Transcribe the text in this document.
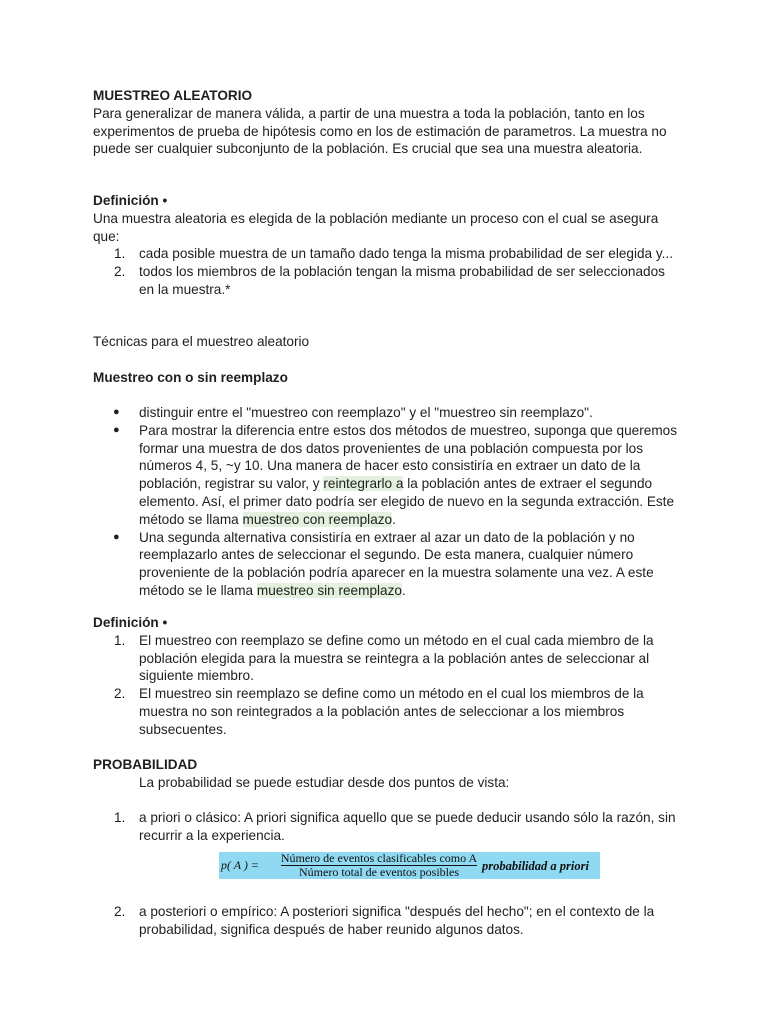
MUESTREO ALEATORIO

Para generalizar de manera válida, a partir de una muestra a toda la población, tanto en los experimentos de prueba de hipótesis como en los de estimación de parametros. La muestra no puede ser cualquier subconjunto de la población. Es crucial que sea una muestra aleatoria.

Definición •

Una muestra aleatoria es elegida de la población mediante un proceso con el cual se asegura que:

1. cada posible muestra de un tamaño dado tenga la misma probabilidad de ser elegida y...
2. todos los miembros de la población tengan la misma probabilidad de ser seleccionados en la muestra.*

Técnicas para el muestreo aleatorio

Muestreo con o sin reemplazo

● distinguir entre el "muestreo con reemplazo" y el "muestreo sin reemplazo".
● Para mostrar la diferencia entre estos dos métodos de muestreo, suponga que queremos formar una muestra de dos datos provenientes de una población compuesta por los números 4, 5, ~y 10. Una manera de hacer esto consistiría en extraer un dato de la población, registrar su valor, y reintegrarlo a la población antes de extraer el segundo elemento. Así, el primer dato podría ser elegido de nuevo en la segunda extracción. Este método se llama muestreo con reemplazo.
● Una segunda alternativa consistiría en extraer al azar un dato de la población y no reemplazarlo antes de seleccionar el segundo. De esta manera, cualquier número proveniente de la población podría aparecer en la muestra solamente una vez. A este método se le llama muestreo sin reemplazo.

Definición •

1. El muestreo con reemplazo se define como un método en el cual cada miembro de la población elegida para la muestra se reintegra a la población antes de seleccionar al siguiente miembro.
2. El muestreo sin reemplazo se define como un método en el cual los miembros de la muestra no son reintegrados a la población antes de seleccionar a los miembros subsecuentes.

PROBABILIDAD

La probabilidad se puede estudiar desde dos puntos de vista:

1. a priori o clásico: A priori significa aquello que se puede deducir usando sólo la razón, sin recurrir a la experiencia.
p( A ) = Número de eventos clasificables como A
Número total de eventos posibles	probabilidad a priori
2. a posteriori o empírico: A posteriori significa "después del hecho"; en el contexto de la probabilidad, significa después de haber reunido algunos datos.
